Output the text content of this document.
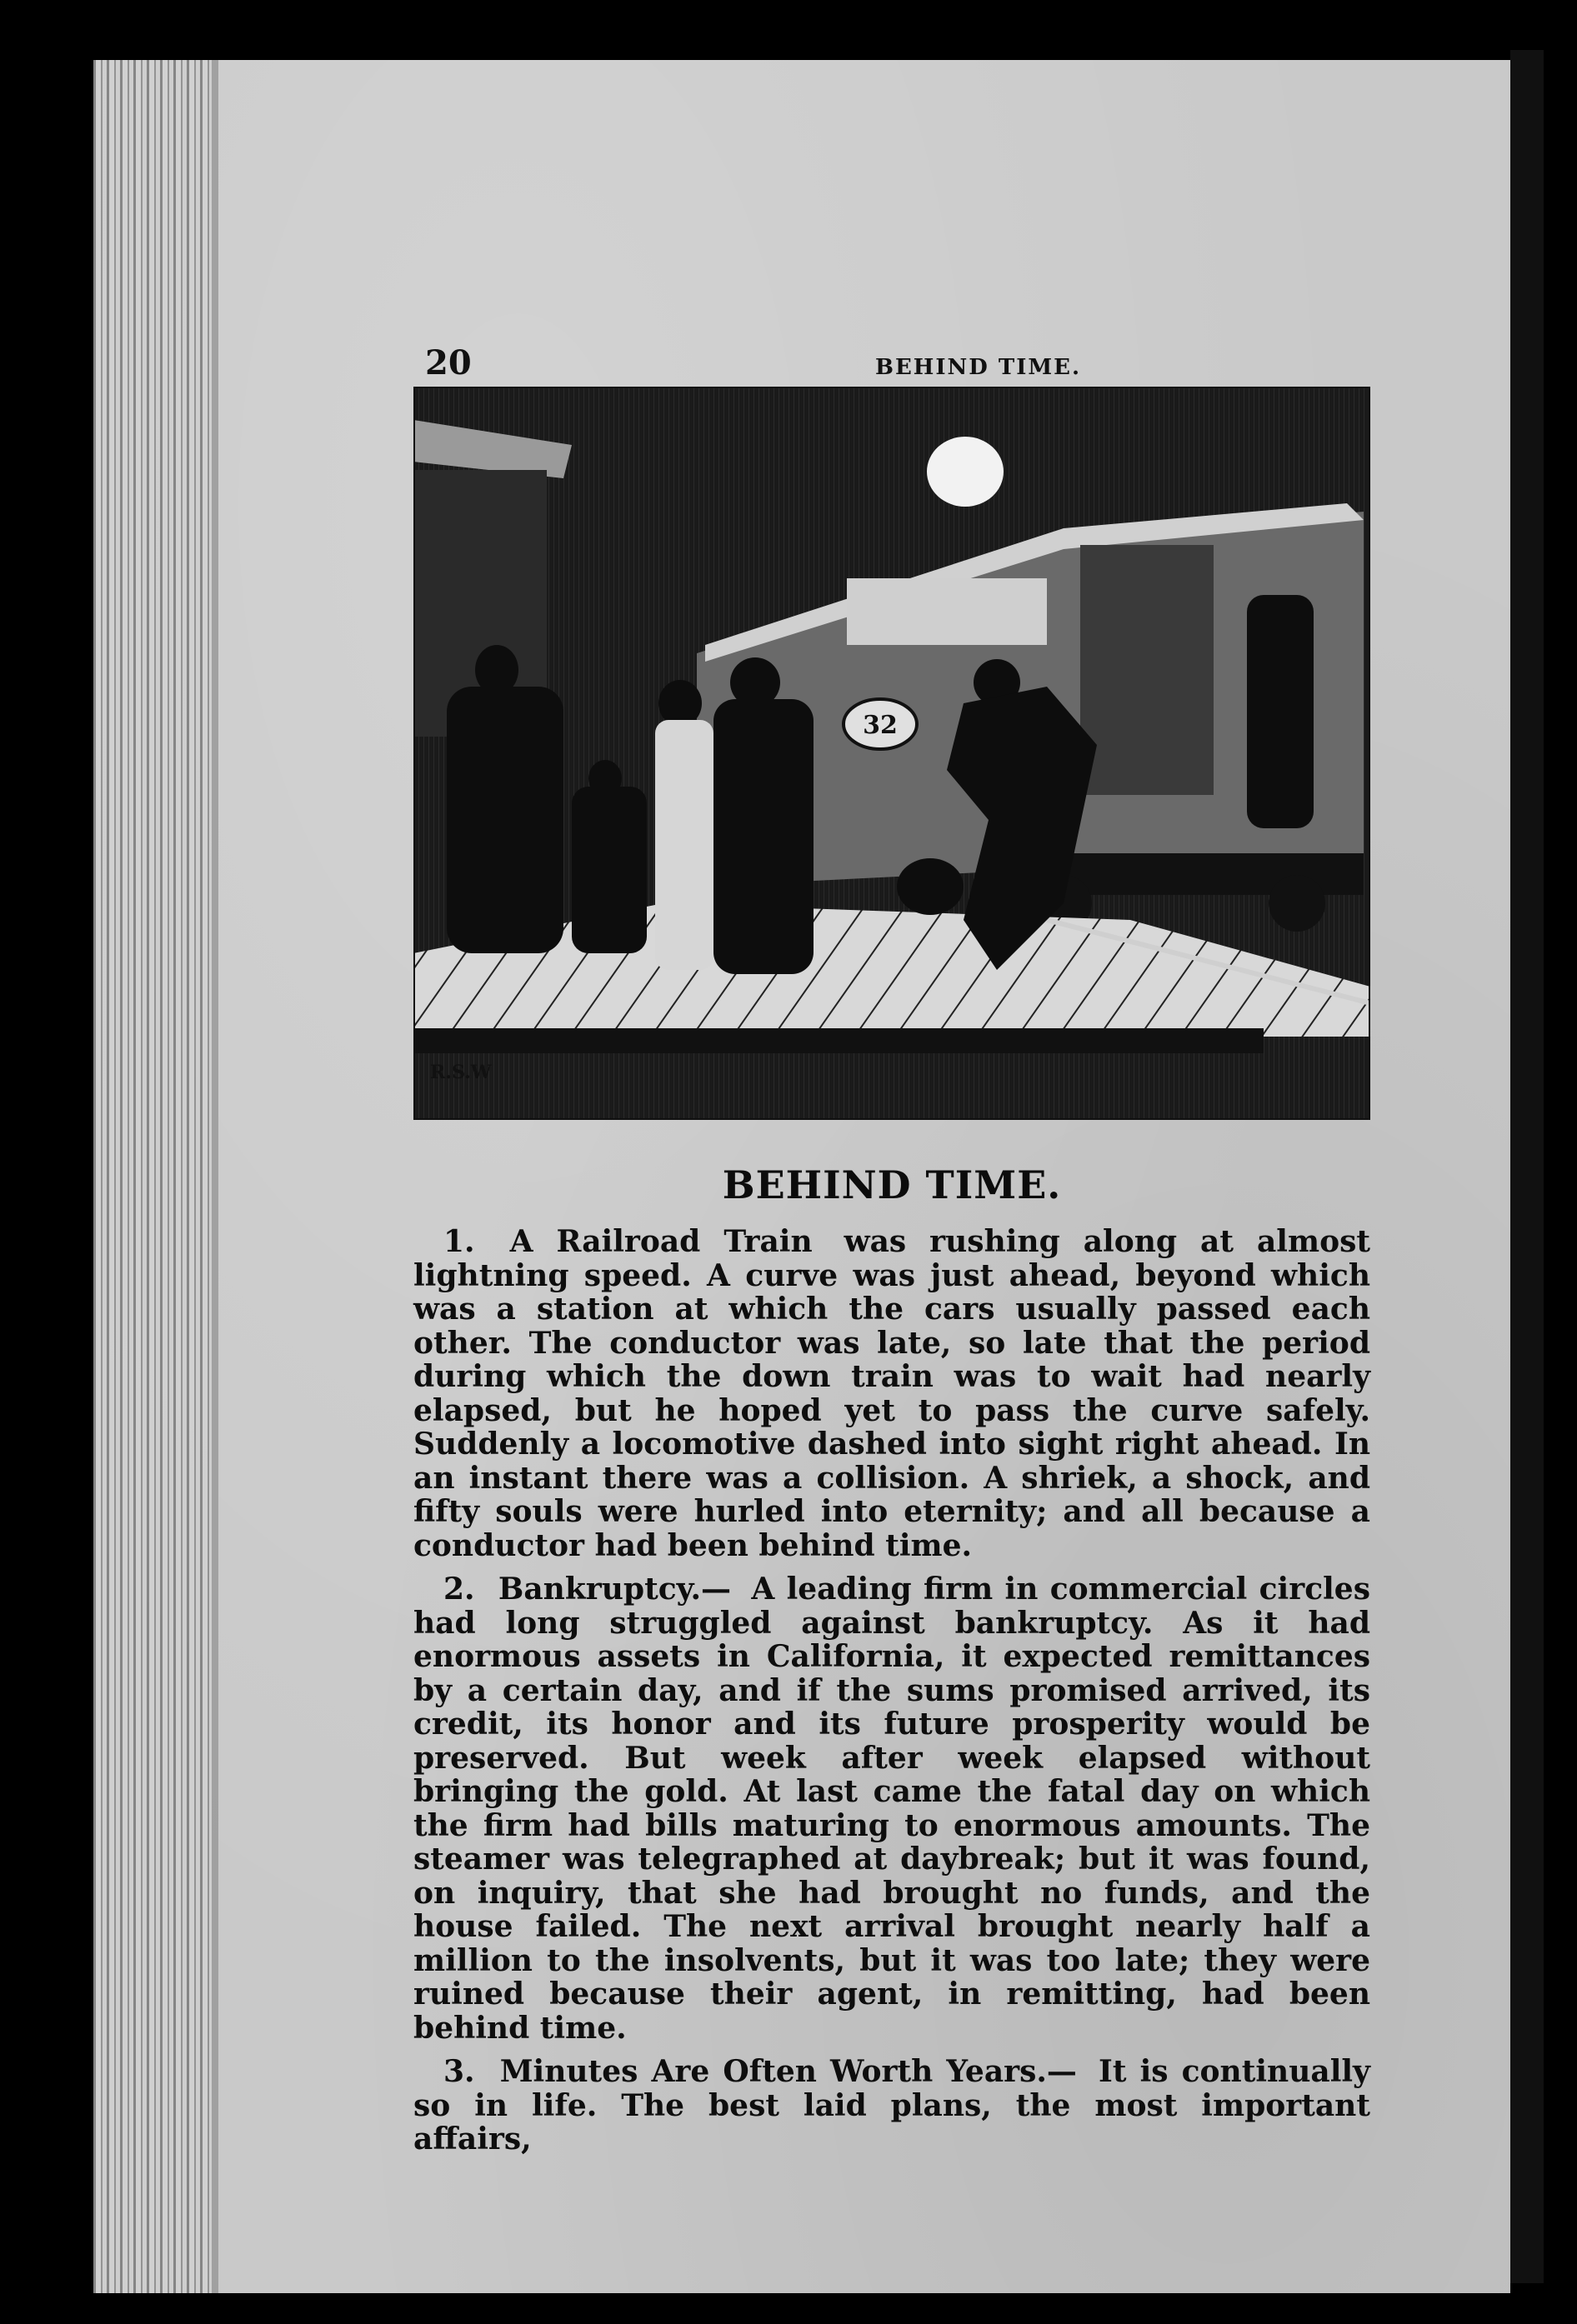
20	BEHIND TIME.
32
R.S.W
BEHIND TIME.

1. A Railroad Train was rushing along at almost lightning speed. A curve was just ahead, beyond which was a station at which the cars usually passed each other. The conductor was late, so late that the period during which the down train was to wait had nearly elapsed, but he hoped yet to pass the curve safely. Suddenly a locomotive dashed into sight right ahead. In an instant there was a collision. A shriek, a shock, and fifty souls were hurled into eternity; and all because a conductor had been behind time.

2. Bankruptcy.— A leading firm in commercial circles had long struggled against bankruptcy. As it had enormous assets in California, it expected remittances by a certain day, and if the sums promised arrived, its credit, its honor and its future prosperity would be preserved. But week after week elapsed without bringing the gold. At last came the fatal day on which the firm had bills maturing to enormous amounts. The steamer was telegraphed at daybreak; but it was found, on inquiry, that she had brought no funds, and the house failed. The next arrival brought nearly half a million to the insolvents, but it was too late; they were ruined because their agent, in remitting, had been behind time.

3. Minutes Are Often Worth Years.— It is continually so in life. The best laid plans, the most important affairs,
